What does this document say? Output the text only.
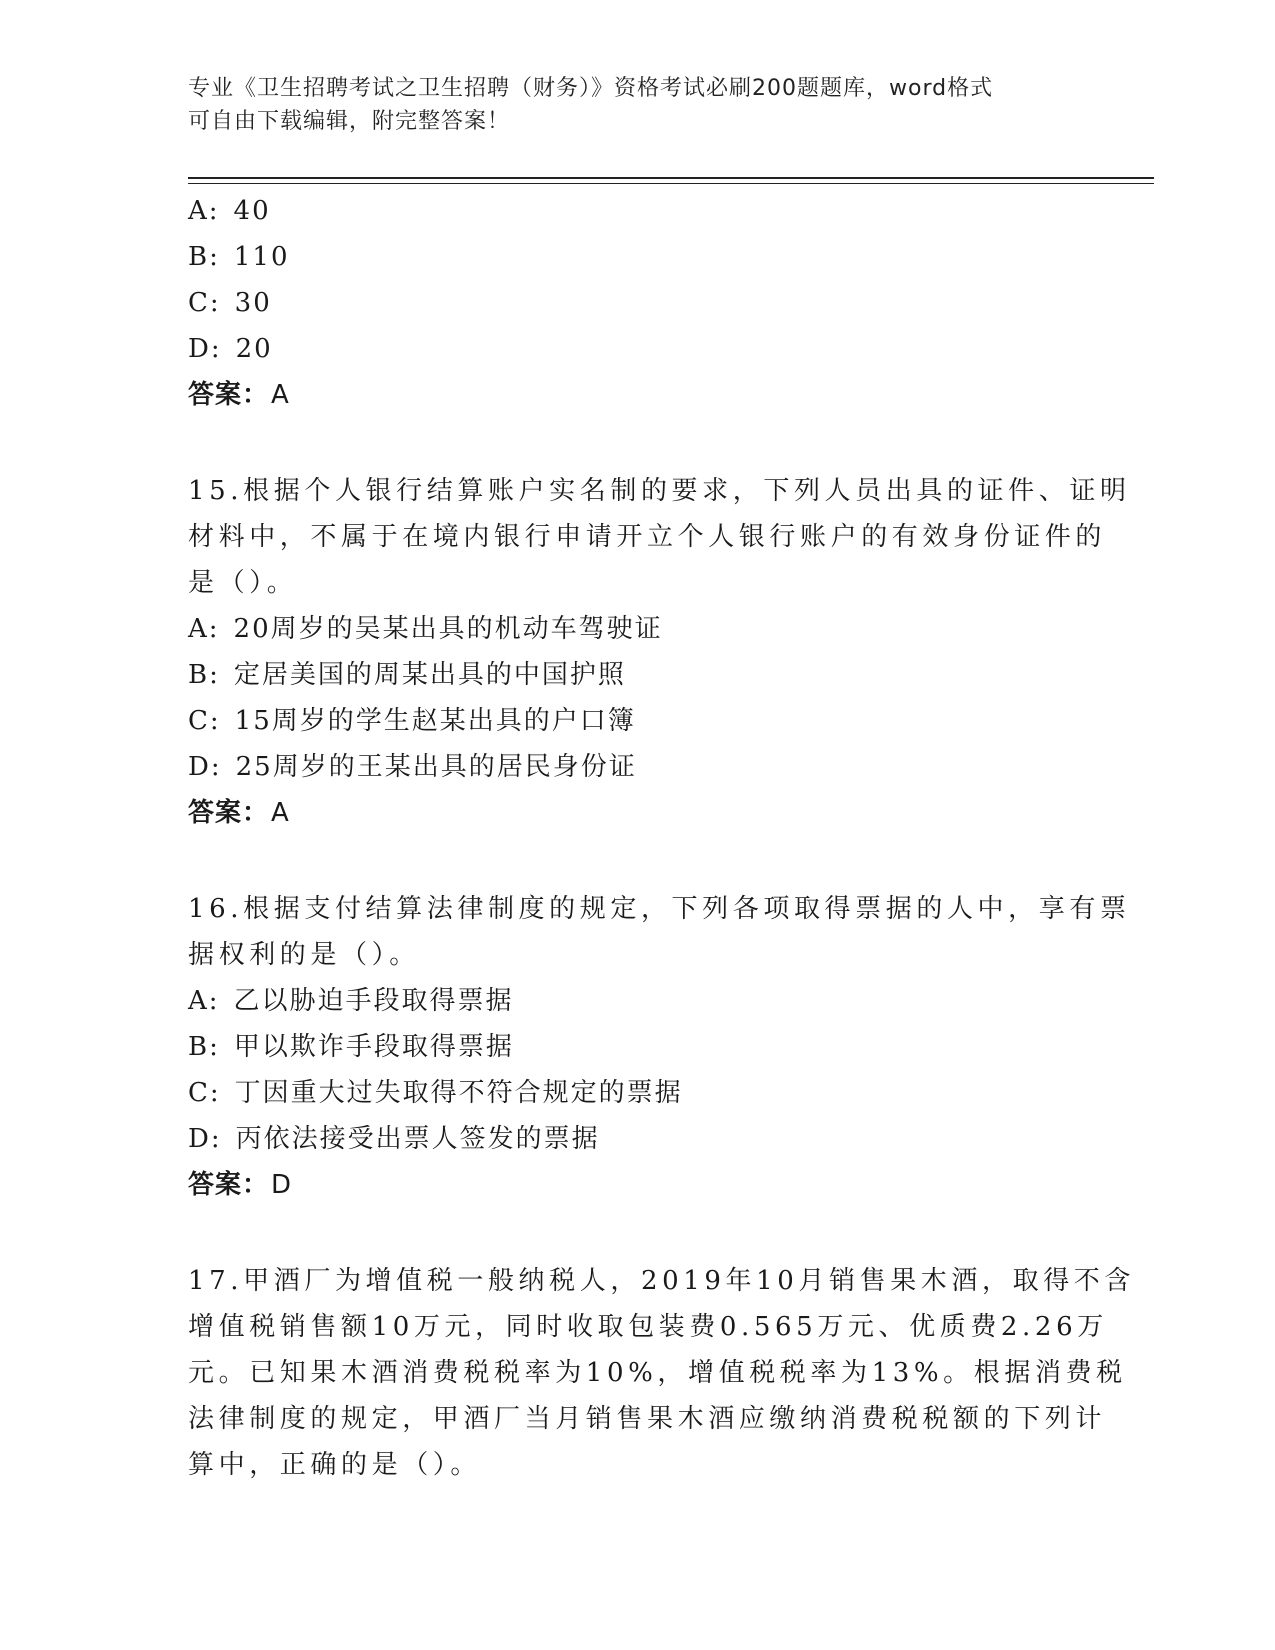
专业《卫生招聘考试之卫生招聘（财务）》资格考试必刷200题题库，word格式
可自由下载编辑，附完整答案！
A: 40
B: 110
C: 30
D: 20
答案：A
15.根据个人银行结算账户实名制的要求，下列人员出具的证件、证明
材料中，不属于在境内银行申请开立个人银行账户的有效身份证件的
是（）。
A: 20周岁的吴某出具的机动车驾驶证
B: 定居美国的周某出具的中国护照
C: 15周岁的学生赵某出具的户口簿
D: 25周岁的王某出具的居民身份证
答案：A
16.根据支付结算法律制度的规定，下列各项取得票据的人中，享有票
据权利的是（）。
A: 乙以胁迫手段取得票据
B: 甲以欺诈手段取得票据
C: 丁因重大过失取得不符合规定的票据
D: 丙依法接受出票人签发的票据
答案：D
17.甲酒厂为增值税一般纳税人，2019年10月销售果木酒，取得不含
增值税销售额10万元，同时收取包装费0.565万元、优质费2.26万
元。已知果木酒消费税税率为10%，增值税税率为13%。根据消费税
法律制度的规定，甲酒厂当月销售果木酒应缴纳消费税税额的下列计
算中，正确的是（）。
